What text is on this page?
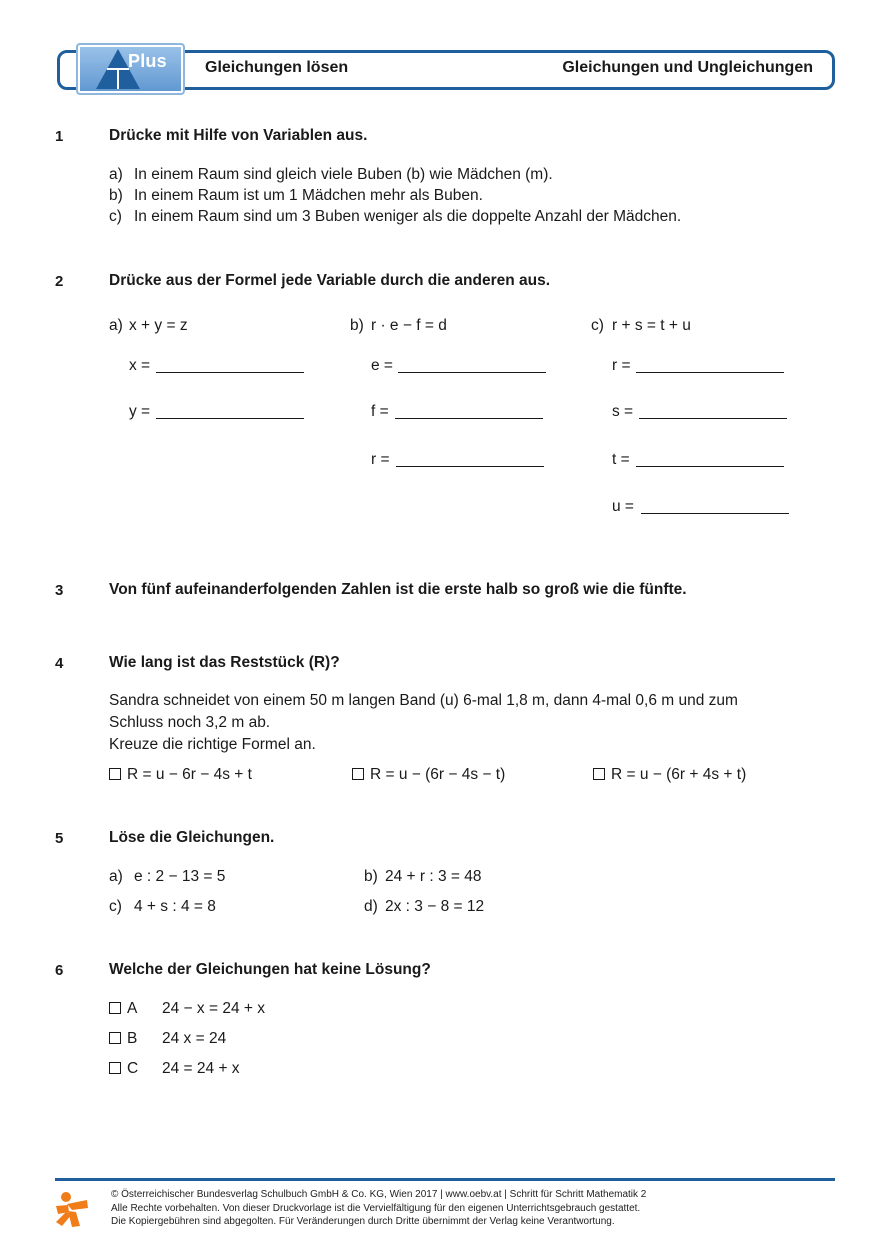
Plus Gleichungen lösen	Gleichungen und Ungleichungen
1	Drücke mit Hilfe von Variablen aus.
a) In einem Raum sind gleich viele Buben (b) wie Mädchen (m).
b) In einem Raum ist um 1 Mädchen mehr als Buben.
c) In einem Raum sind um 3 Buben weniger als die doppelte Anzahl der Mädchen.
2	Drücke aus der Formel jede Variable durch die anderen aus.
a) x + y = z
x =
y =
b) r · e − f = d
e =
f =
r =
c) r + s = t + u
r =
s =
t =
u =
3	Von fünf aufeinanderfolgenden Zahlen ist die erste halb so groß wie die fünfte.
4	Wie lang ist das Reststück (R)?
Sandra schneidet von einem 50 m langen Band (u) 6-mal 1,8 m, dann 4-mal 0,6 m und zum
Schluss noch 3,2 m ab.
Kreuze die richtige Formel an.
R = u − 6r − 4s + t	R = u − (6r − 4s − t)	R = u − (6r + 4s + t)
5	Löse die Gleichungen.
a) e : 2 − 13 = 5	b) 24 + r : 3 = 48
c) 4 + s : 4 = 8	d) 2x : 3 − 8 = 12
6	Welche der Gleichungen hat keine Lösung?
A 24 − x = 24 + x
B 24 x = 24
C 24 = 24 + x
© Österreichischer Bundesverlag Schulbuch GmbH & Co. KG, Wien 2017 | www.oebv.at | Schritt für Schritt Mathematik 2
Alle Rechte vorbehalten. Von dieser Druckvorlage ist die Vervielfältigung für den eigenen Unterrichtsgebrauch gestattet.
Die Kopiergebühren sind abgegolten. Für Veränderungen durch Dritte übernimmt der Verlag keine Verantwortung.
